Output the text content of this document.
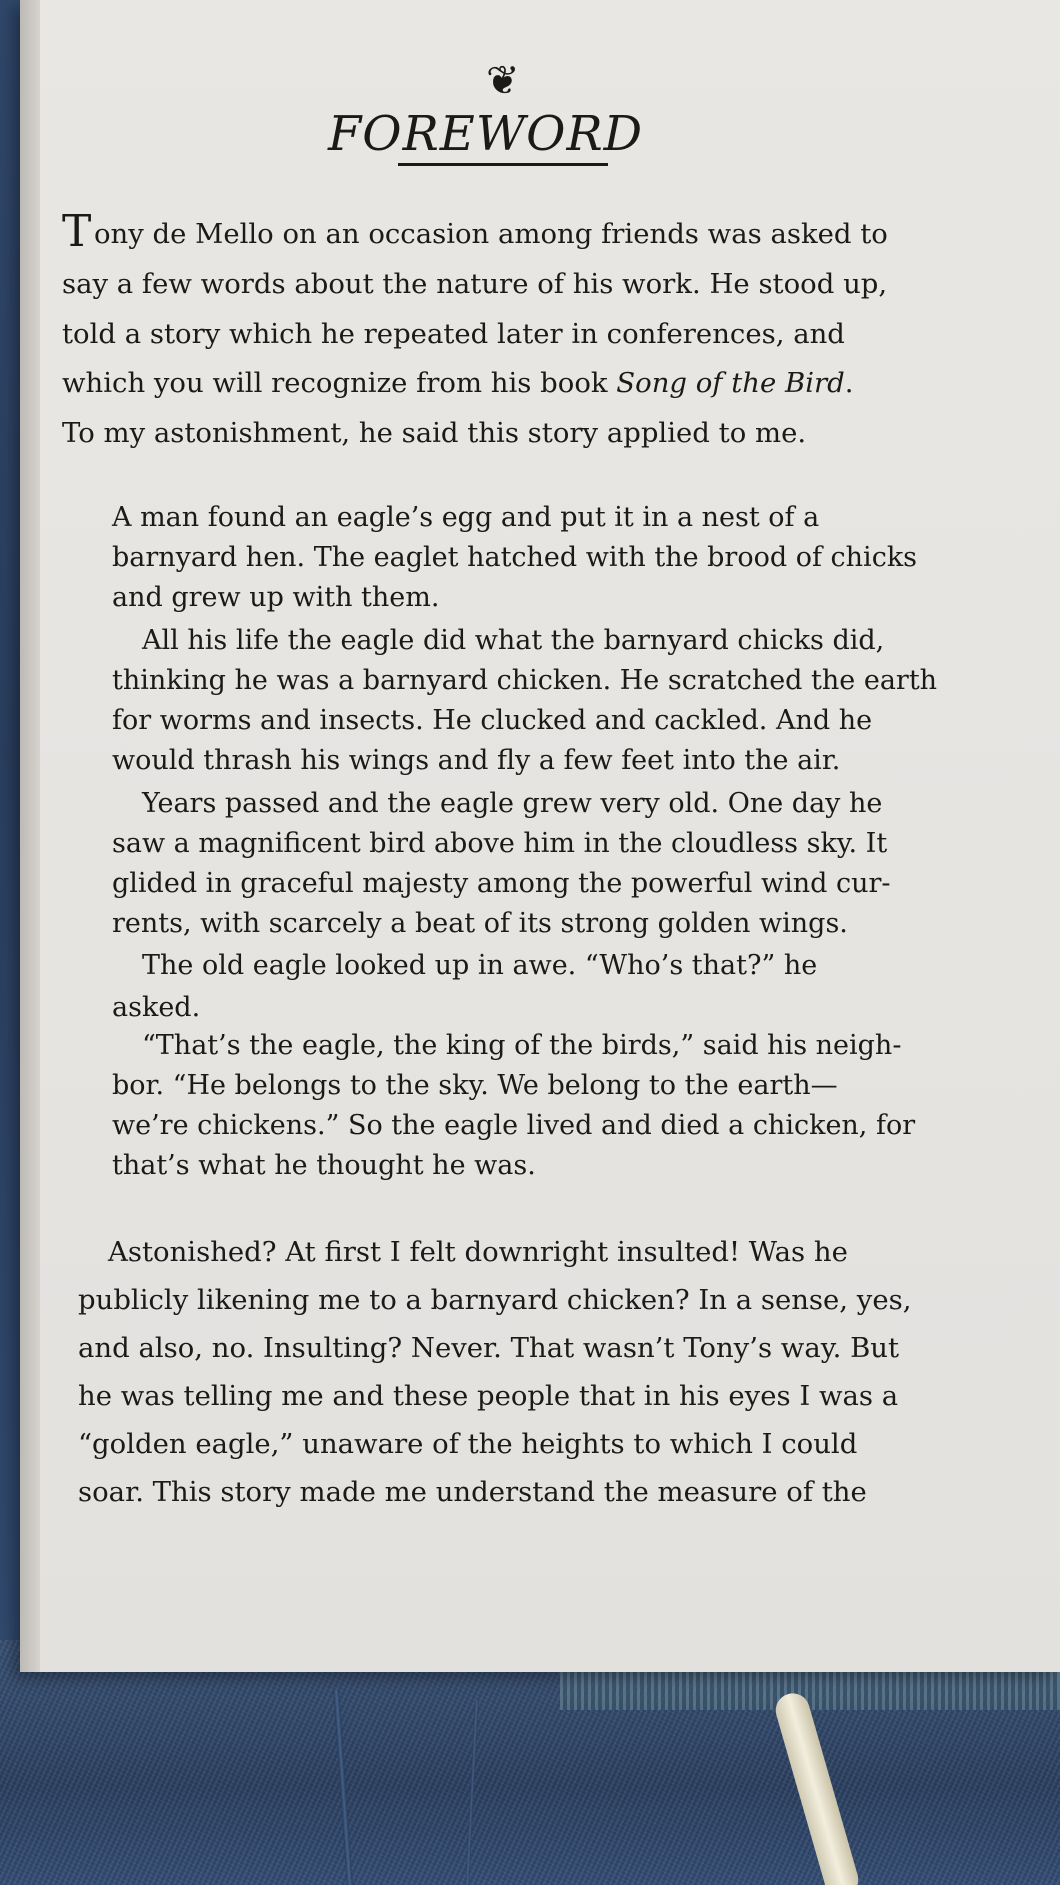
❦
FOREWORD
T ony de Mello on an occasion among friends was asked to
say a few words about the nature of his work. He stood up,
told a story which he repeated later in conferences, and
which you will recognize from his book Song of the Bird.
To my astonishment, he said this story applied to me.
A man found an eagle’s egg and put it in a nest of a
barnyard hen. The eaglet hatched with the brood of chicks
and grew up with them.
All his life the eagle did what the barnyard chicks did,
thinking he was a barnyard chicken. He scratched the earth
for worms and insects. He clucked and cackled. And he
would thrash his wings and fly a few feet into the air.
Years passed and the eagle grew very old. One day he
saw a magnificent bird above him in the cloudless sky. It
glided in graceful majesty among the powerful wind cur-
rents, with scarcely a beat of its strong golden wings.
The old eagle looked up in awe. “Who’s that?” he
asked.
“That’s the eagle, the king of the birds,” said his neigh-
bor. “He belongs to the sky. We belong to the earth—
we’re chickens.” So the eagle lived and died a chicken, for
that’s what he thought he was.
Astonished? At first I felt downright insulted! Was he
publicly likening me to a barnyard chicken? In a sense, yes,
and also, no. Insulting? Never. That wasn’t Tony’s way. But
he was telling me and these people that in his eyes I was a
“golden eagle,” unaware of the heights to which I could
soar. This story made me understand the measure of the
